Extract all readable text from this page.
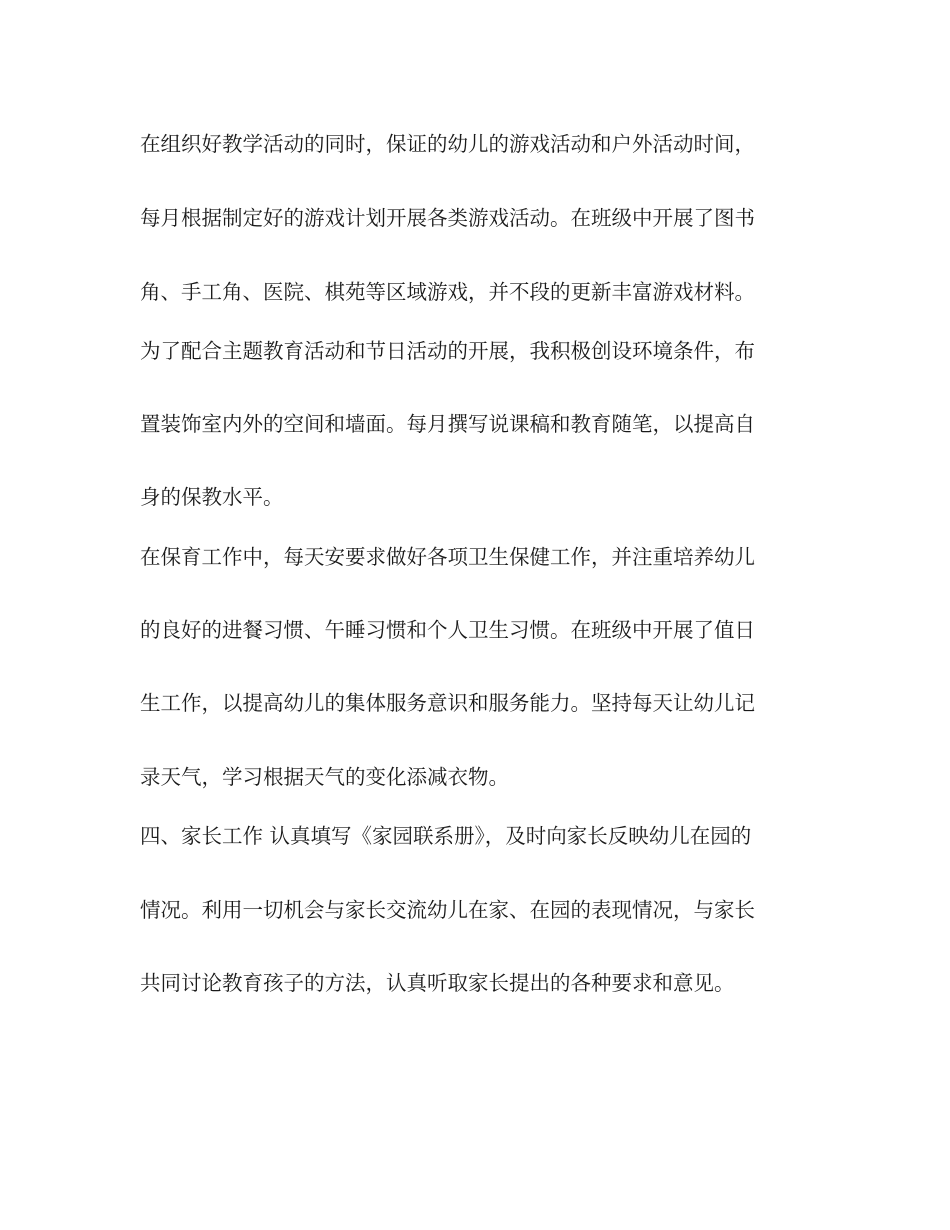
在组织好教学活动的同时，保证的幼儿的游戏活动和户外活动时间，

每月根据制定好的游戏计划开展各类游戏活动。在班级中开展了图书

角、手工角、医院、棋苑等区域游戏，并不段的更新丰富游戏材料。

为了配合主题教育活动和节日活动的开展，我积极创设环境条件，布

置装饰室内外的空间和墙面。每月撰写说课稿和教育随笔，以提高自

身的保教水平。

在保育工作中，每天安要求做好各项卫生保健工作，并注重培养幼儿

的良好的进餐习惯、午睡习惯和个人卫生习惯。在班级中开展了值日

生工作，以提高幼儿的集体服务意识和服务能力。坚持每天让幼儿记

录天气，学习根据天气的变化添减衣物。

四、家长工作 认真填写《家园联系册》，及时向家长反映幼儿在园的

情况。利用一切机会与家长交流幼儿在家、在园的表现情况，与家长

共同讨论教育孩子的方法，认真听取家长提出的各种要求和意见。
